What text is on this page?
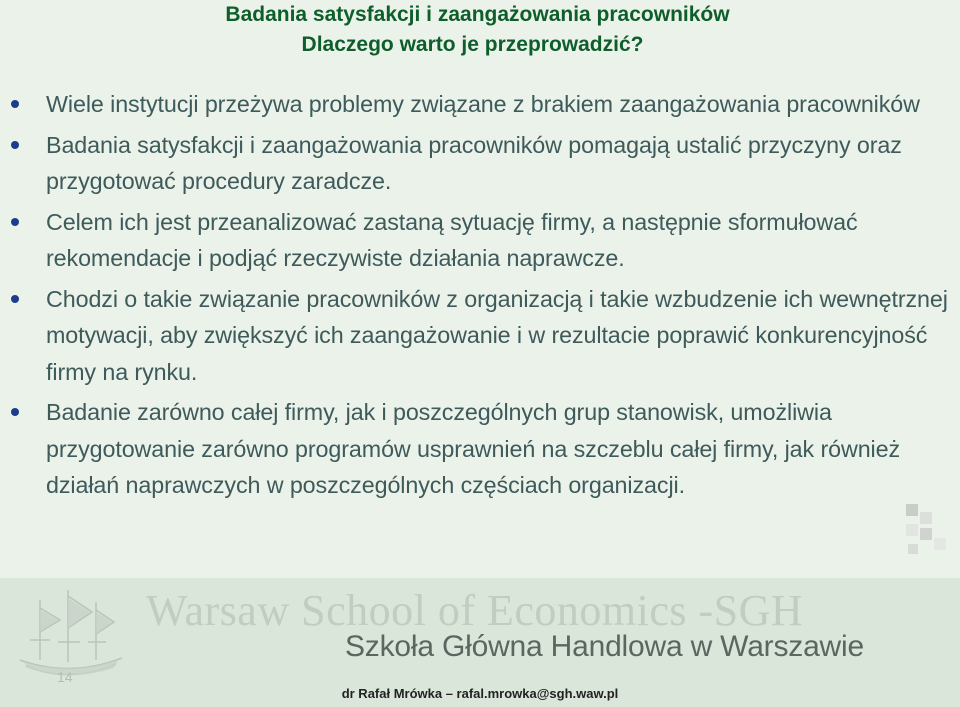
Badania satysfakcji i zaangażowania pracowników
Dlaczego warto je przeprowadzić?
Wiele instytucji przeżywa problemy związane z brakiem zaangażowania pracowników
Badania satysfakcji i zaangażowania pracowników pomagają ustalić przyczyny oraz przygotować procedury zaradcze.
Celem ich jest przeanalizować zastaną sytuację firmy, a następnie sformułować rekomendacje i podjąć rzeczywiste działania naprawcze.
Chodzi o takie związanie pracowników z organizacją i takie wzbudzenie ich wewnętrznej motywacji, aby zwiększyć ich zaangażowanie i w rezultacie poprawić konkurencyjność firmy na rynku.
Badanie zarówno całej firmy, jak i poszczególnych grup stanowisk, umożliwia przygotowanie zarówno programów usprawnień na szczeblu całej firmy, jak również działań naprawczych w poszczególnych częściach organizacji.
Warsaw School of Economics -SGH
Szkoła Główna Handlowa w Warszawie
14
dr Rafał Mrówka – rafal.mrowka@sgh.waw.pl
